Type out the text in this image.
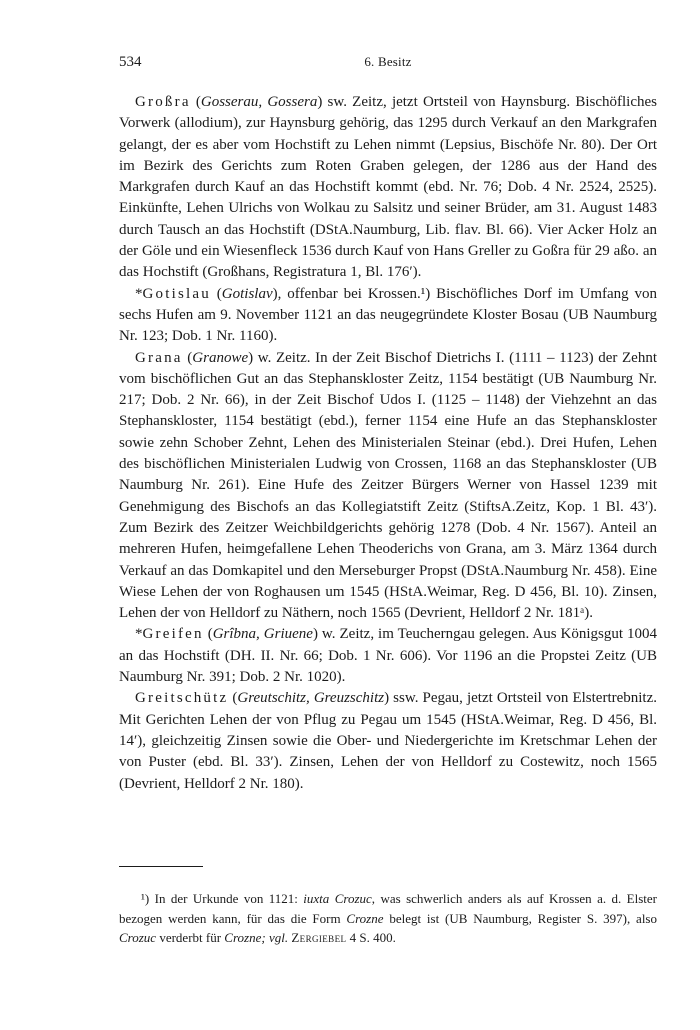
534	6. Besitz

Großra (Gosserau, Gossera) sw. Zeitz, jetzt Ortsteil von Haynsburg. Bischöfliches Vorwerk (allodium), zur Haynsburg gehörig, das 1295 durch Verkauf an den Markgrafen gelangt, der es aber vom Hochstift zu Lehen nimmt (Lepsius, Bischöfe Nr. 80). Der Ort im Bezirk des Gerichts zum Roten Graben gelegen, der 1286 aus der Hand des Markgrafen durch Kauf an das Hochstift kommt (ebd. Nr. 76; Dob. 4 Nr. 2524, 2525). Einkünfte, Lehen Ulrichs von Wolkau zu Salsitz und seiner Brüder, am 31. August 1483 durch Tausch an das Hochstift (DStA.Naumburg, Lib. flav. Bl. 66). Vier Acker Holz an der Göle und ein Wiesenfleck 1536 durch Kauf von Hans Greller zu Goßra für 29 aßo. an das Hochstift (Großhans, Registratura 1, Bl. 176′).

*Gotislau (Gotislav), offenbar bei Krossen.¹) Bischöfliches Dorf im Umfang von sechs Hufen am 9. November 1121 an das neugegründete Kloster Bosau (UB Naumburg Nr. 123; Dob. 1 Nr. 1160).

Grana (Granowe) w. Zeitz. In der Zeit Bischof Dietrichs I. (1111 – 1123) der Zehnt vom bischöflichen Gut an das Stephanskloster Zeitz, 1154 bestätigt (UB Naumburg Nr. 217; Dob. 2 Nr. 66), in der Zeit Bischof Udos I. (1125 – 1148) der Viehzehnt an das Stephanskloster, 1154 bestätigt (ebd.), ferner 1154 eine Hufe an das Stephanskloster sowie zehn Schober Zehnt, Lehen des Ministerialen Steinar (ebd.). Drei Hufen, Lehen des bischöflichen Ministerialen Ludwig von Crossen, 1168 an das Stephanskloster (UB Naumburg Nr. 261). Eine Hufe des Zeitzer Bürgers Werner von Hassel 1239 mit Genehmigung des Bischofs an das Kollegiatstift Zeitz (StiftsA.Zeitz, Kop. 1 Bl. 43′). Zum Bezirk des Zeitzer Weichbildgerichts gehörig 1278 (Dob. 4 Nr. 1567). Anteil an mehreren Hufen, heimgefallene Lehen Theoderichs von Grana, am 3. März 1364 durch Verkauf an das Domkapitel und den Merseburger Propst (DStA.Naumburg Nr. 458). Eine Wiese Lehen der von Roghausen um 1545 (HStA.Weimar, Reg. D 456, Bl. 10). Zinsen, Lehen der von Helldorf zu Näthern, noch 1565 (Devrient, Helldorf 2 Nr. 181ᵃ).

*Greifen (Grîbna, Griuene) w. Zeitz, im Teucherngau gelegen. Aus Königsgut 1004 an das Hochstift (DH. II. Nr. 66; Dob. 1 Nr. 606). Vor 1196 an die Propstei Zeitz (UB Naumburg Nr. 391; Dob. 2 Nr. 1020).

Greitschütz (Greutschitz, Greuzschitz) ssw. Pegau, jetzt Ortsteil von Elstertrebnitz. Mit Gerichten Lehen der von Pflug zu Pegau um 1545 (HStA.Weimar, Reg. D 456, Bl. 14′), gleichzeitig Zinsen sowie die Ober- und Niedergerichte im Kretschmar Lehen der von Puster (ebd. Bl. 33′). Zinsen, Lehen der von Helldorf zu Costewitz, noch 1565 (Devrient, Helldorf 2 Nr. 180).

¹) In der Urkunde von 1121: iuxta Crozuc, was schwerlich anders als auf Krossen a. d. Elster bezogen werden kann, für das die Form Crozne belegt ist (UB Naumburg, Register S. 397), also Crozuc verderbt für Crozne; vgl. Zergiebel 4 S. 400.
